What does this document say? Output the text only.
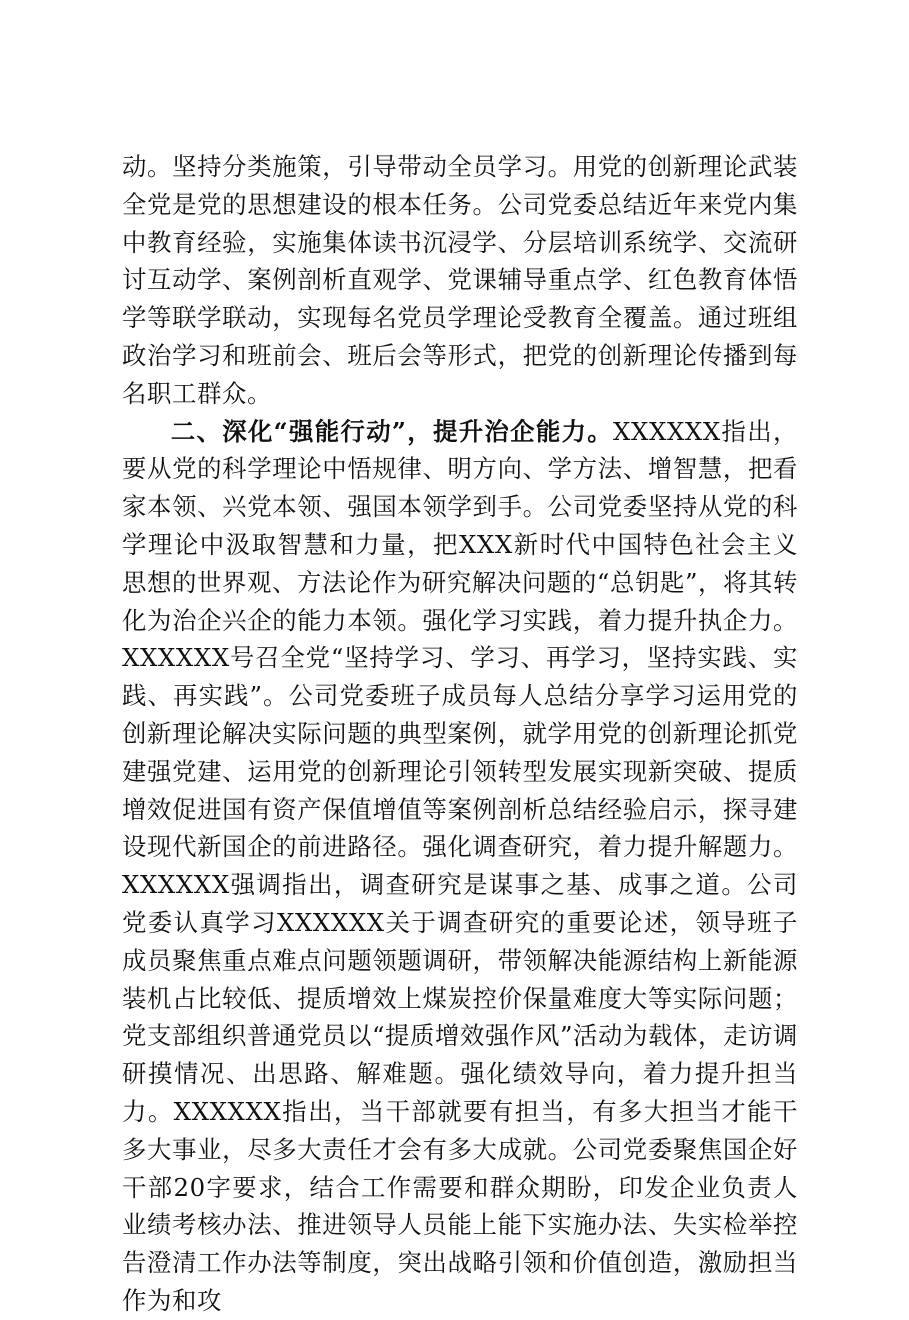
动。坚持分类施策，引导带动全员学习。用党的创新理论武装全党是党的思想建设的根本任务。公司党委总结近年来党内集中教育经验，实施集体读书沉浸学、分层培训系统学、交流研讨互动学、案例剖析直观学、党课辅导重点学、红色教育体悟学等联学联动，实现每名党员学理论受教育全覆盖。通过班组政治学习和班前会、班后会等形式，把党的创新理论传播到每名职工群众。

二、深化“强能行动”，提升治企能力。XXXXXX指出，要从党的科学理论中悟规律、明方向、学方法、增智慧，把看家本领、兴党本领、强国本领学到手。公司党委坚持从党的科学理论中汲取智慧和力量，把XXX新时代中国特色社会主义思想的世界观、方法论作为研究解决问题的“总钥匙”，将其转化为治企兴企的能力本领。强化学习实践，着力提升执企力。XXXXXX号召全党“坚持学习、学习、再学习，坚持实践、实践、再实践”。公司党委班子成员每人总结分享学习运用党的创新理论解决实际问题的典型案例，就学用党的创新理论抓党建强党建、运用党的创新理论引领转型发展实现新突破、提质增效促进国有资产保值增值等案例剖析总结经验启示，探寻建设现代新国企的前进路径。强化调查研究，着力提升解题力。XXXXXX强调指出，调查研究是谋事之基、成事之道。公司党委认真学习XXXXXX关于调查研究的重要论述，领导班子成员聚焦重点难点问题领题调研，带领解决能源结构上新能源装机占比较低、提质增效上煤炭控价保量难度大等实际问题；党支部组织普通党员以“提质增效强作风”活动为载体，走访调研摸情况、出思路、解难题。强化绩效导向，着力提升担当力。XXXXXX指出，当干部就要有担当，有多大担当才能干多大事业，尽多大责任才会有多大成就。公司党委聚焦国企好干部20字要求，结合工作需要和群众期盼，印发企业负责人业绩考核办法、推进领导人员能上能下实施办法、失实检举控告澄清工作办法等制度，突出战略引领和价值创造，激励担当作为和攻
